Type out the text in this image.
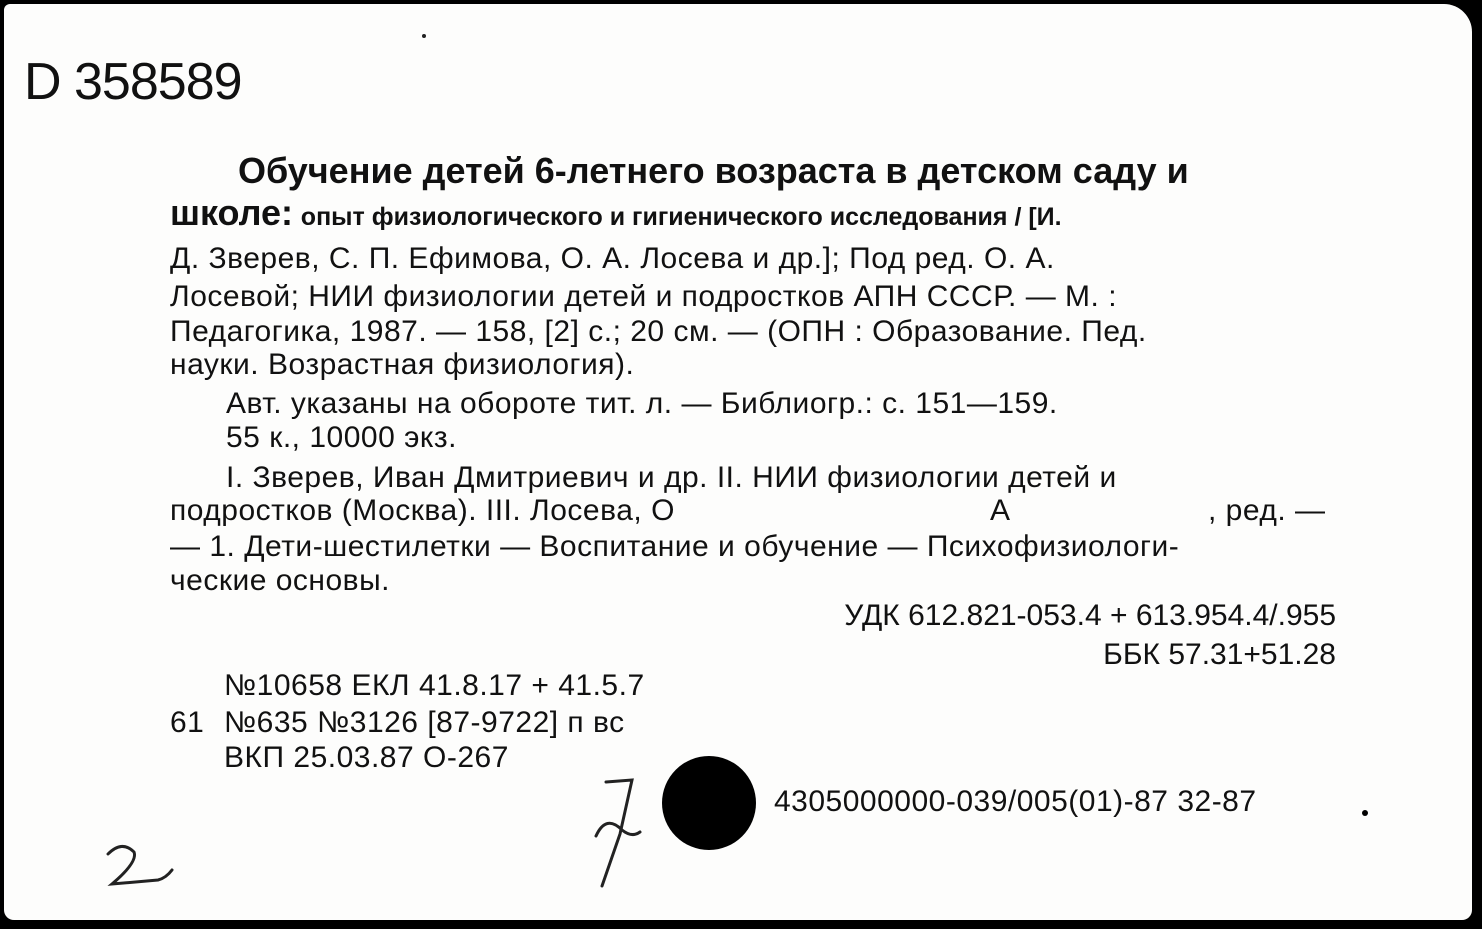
D 358589
Обучение детей 6-летнего возраста в детском саду и
школе: опыт физиологического и гигиенического исследования / [И.
Д. Зверев, С. П. Ефимова, О. А. Лосева и др.]; Под ред. О. А.
Лосевой; НИИ физиологии детей и подростков АПН СССР. — М. :
Педагогика, 1987. — 158, [2] с.; 20 см. — (ОПН : Образование. Пед.
науки. Возрастная физиология).
Авт. указаны на обороте тит. л. — Библиогр.: с. 151—159.
55 к., 10000 экз.
I. Зверев, Иван Дмитриевич и др. II. НИИ физиологии детей и
подростков (Москва). III. Лосева, О	А	, ред. —
— 1. Дети-шестилетки — Воспитание и обучение — Психофизиологи-
ческие основы.
УДК 612.821-053.4 + 613.954.4/.955
ББК 57.31+51.28
№10658 ЕКЛ 41.8.17 + 41.5.7
61 №635 №3126 [87-9722] п вс
ВКП 25.03.87 О-267
4305000000-039/005(01)-87 32-87
